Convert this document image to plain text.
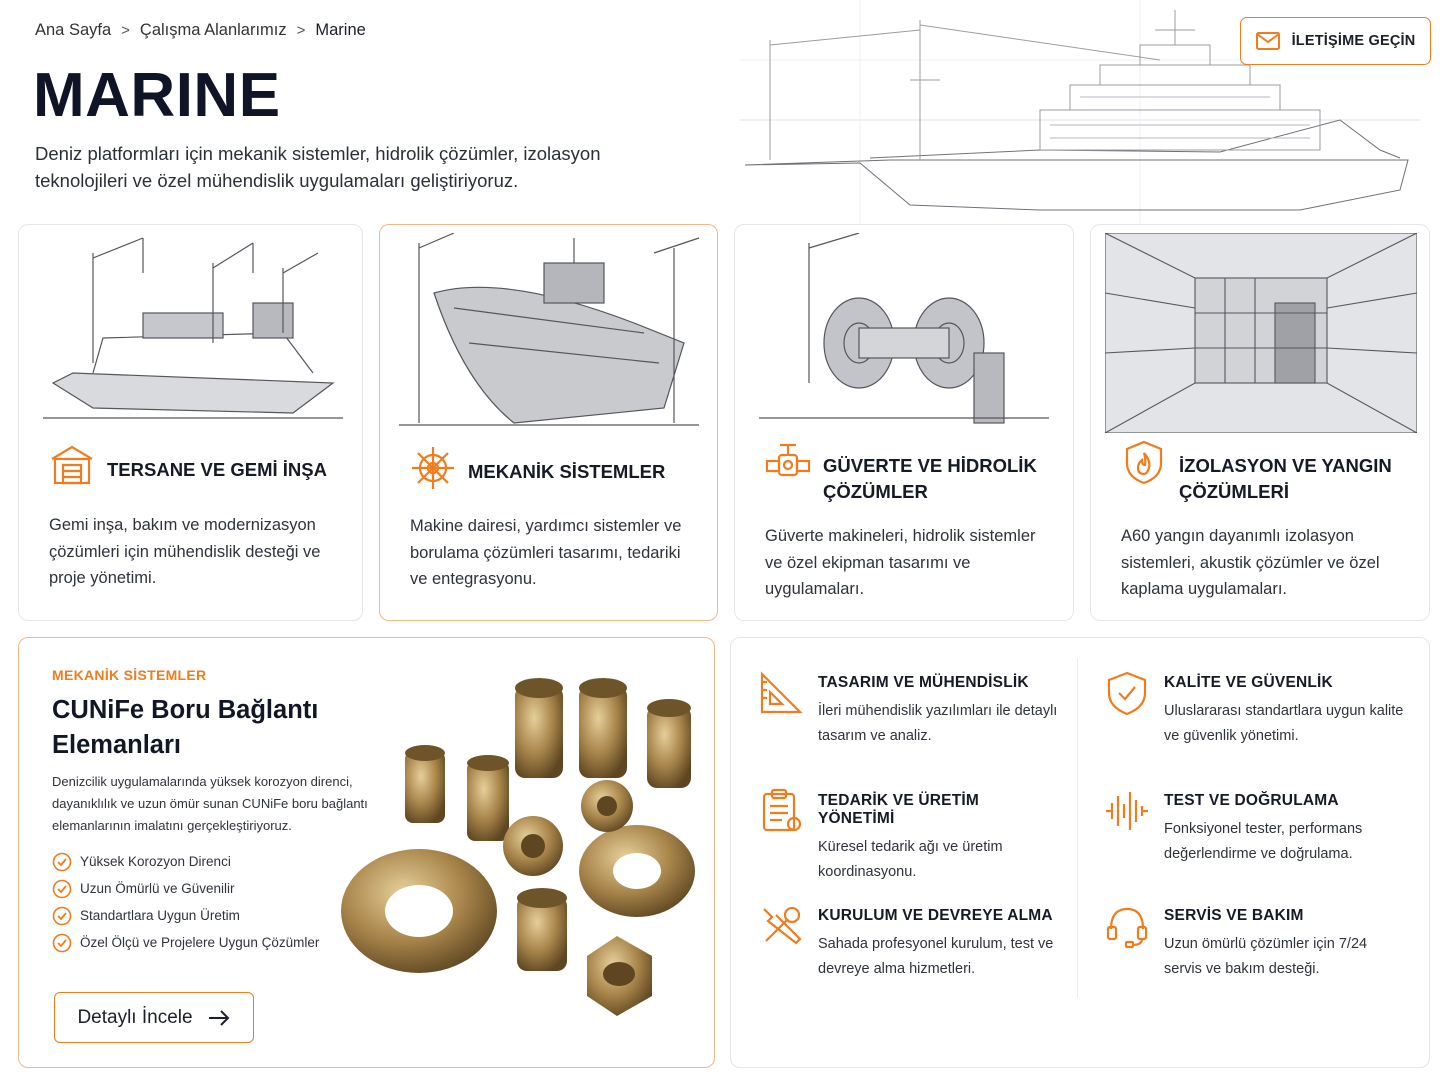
Ana Sayfa > Çalışma Alanlarımız > Marine
MARINE

Deniz platformları için mekanik sistemler, hidrolik çözümler, izolasyon teknolojileri ve özel mühendislik uygulamaları geliştiriyoruz.

İLETİŞİME GEÇİN
TERSANE VE GEMİ İNŞA

Gemi inşa, bakım ve modernizasyon çözümleri için mühendislik desteği ve proje yönetimi.

MEKANİK SİSTEMLER

Makine dairesi, yardımcı sistemler ve borulama çözümleri tasarımı, tedariki ve entegrasyonu.

GÜVERTE VE HİDROLİK ÇÖZÜMLER

Güverte makineleri, hidrolik sistemler ve özel ekipman tasarımı ve uygulamaları.

İZOLASYON VE YANGIN ÇÖZÜMLERİ

A60 yangın dayanımlı izolasyon sistemleri, akustik çözümler ve özel kaplama uygulamaları.

MEKANİK SİSTEMLER
CUNiFe Boru Bağlantı Elemanları

Denizcilik uygulamalarında yüksek korozyon direnci, dayanıklılık ve uzun ömür sunan CUNiFe boru bağlantı elemanlarının imalatını gerçekleştiriyoruz.

Yüksek Korozyon Direnci
Uzun Ömürlü ve Güvenilir
Standartlara Uygun Üretim
Özel Ölçü ve Projelere Uygun Çözümler
Detaylı İncele
TASARIM VE MÜHENDİSLİK

İleri mühendislik yazılımları ile detaylı tasarım ve analiz.

KALİTE VE GÜVENLİK

Uluslararası standartlara uygun kalite ve güvenlik yönetimi.

TEDARİK VE ÜRETİM YÖNETİMİ

Küresel tedarik ağı ve üretim koordinasyonu.

TEST VE DOĞRULAMA

Fonksiyonel tester, performans değerlendirme ve doğrulama.

KURULUM VE DEVREYE ALMA

Sahada profesyonel kurulum, test ve devreye alma hizmetleri.

SERVİS VE BAKIM

Uzun ömürlü çözümler için 7/24 servis ve bakım desteği.
